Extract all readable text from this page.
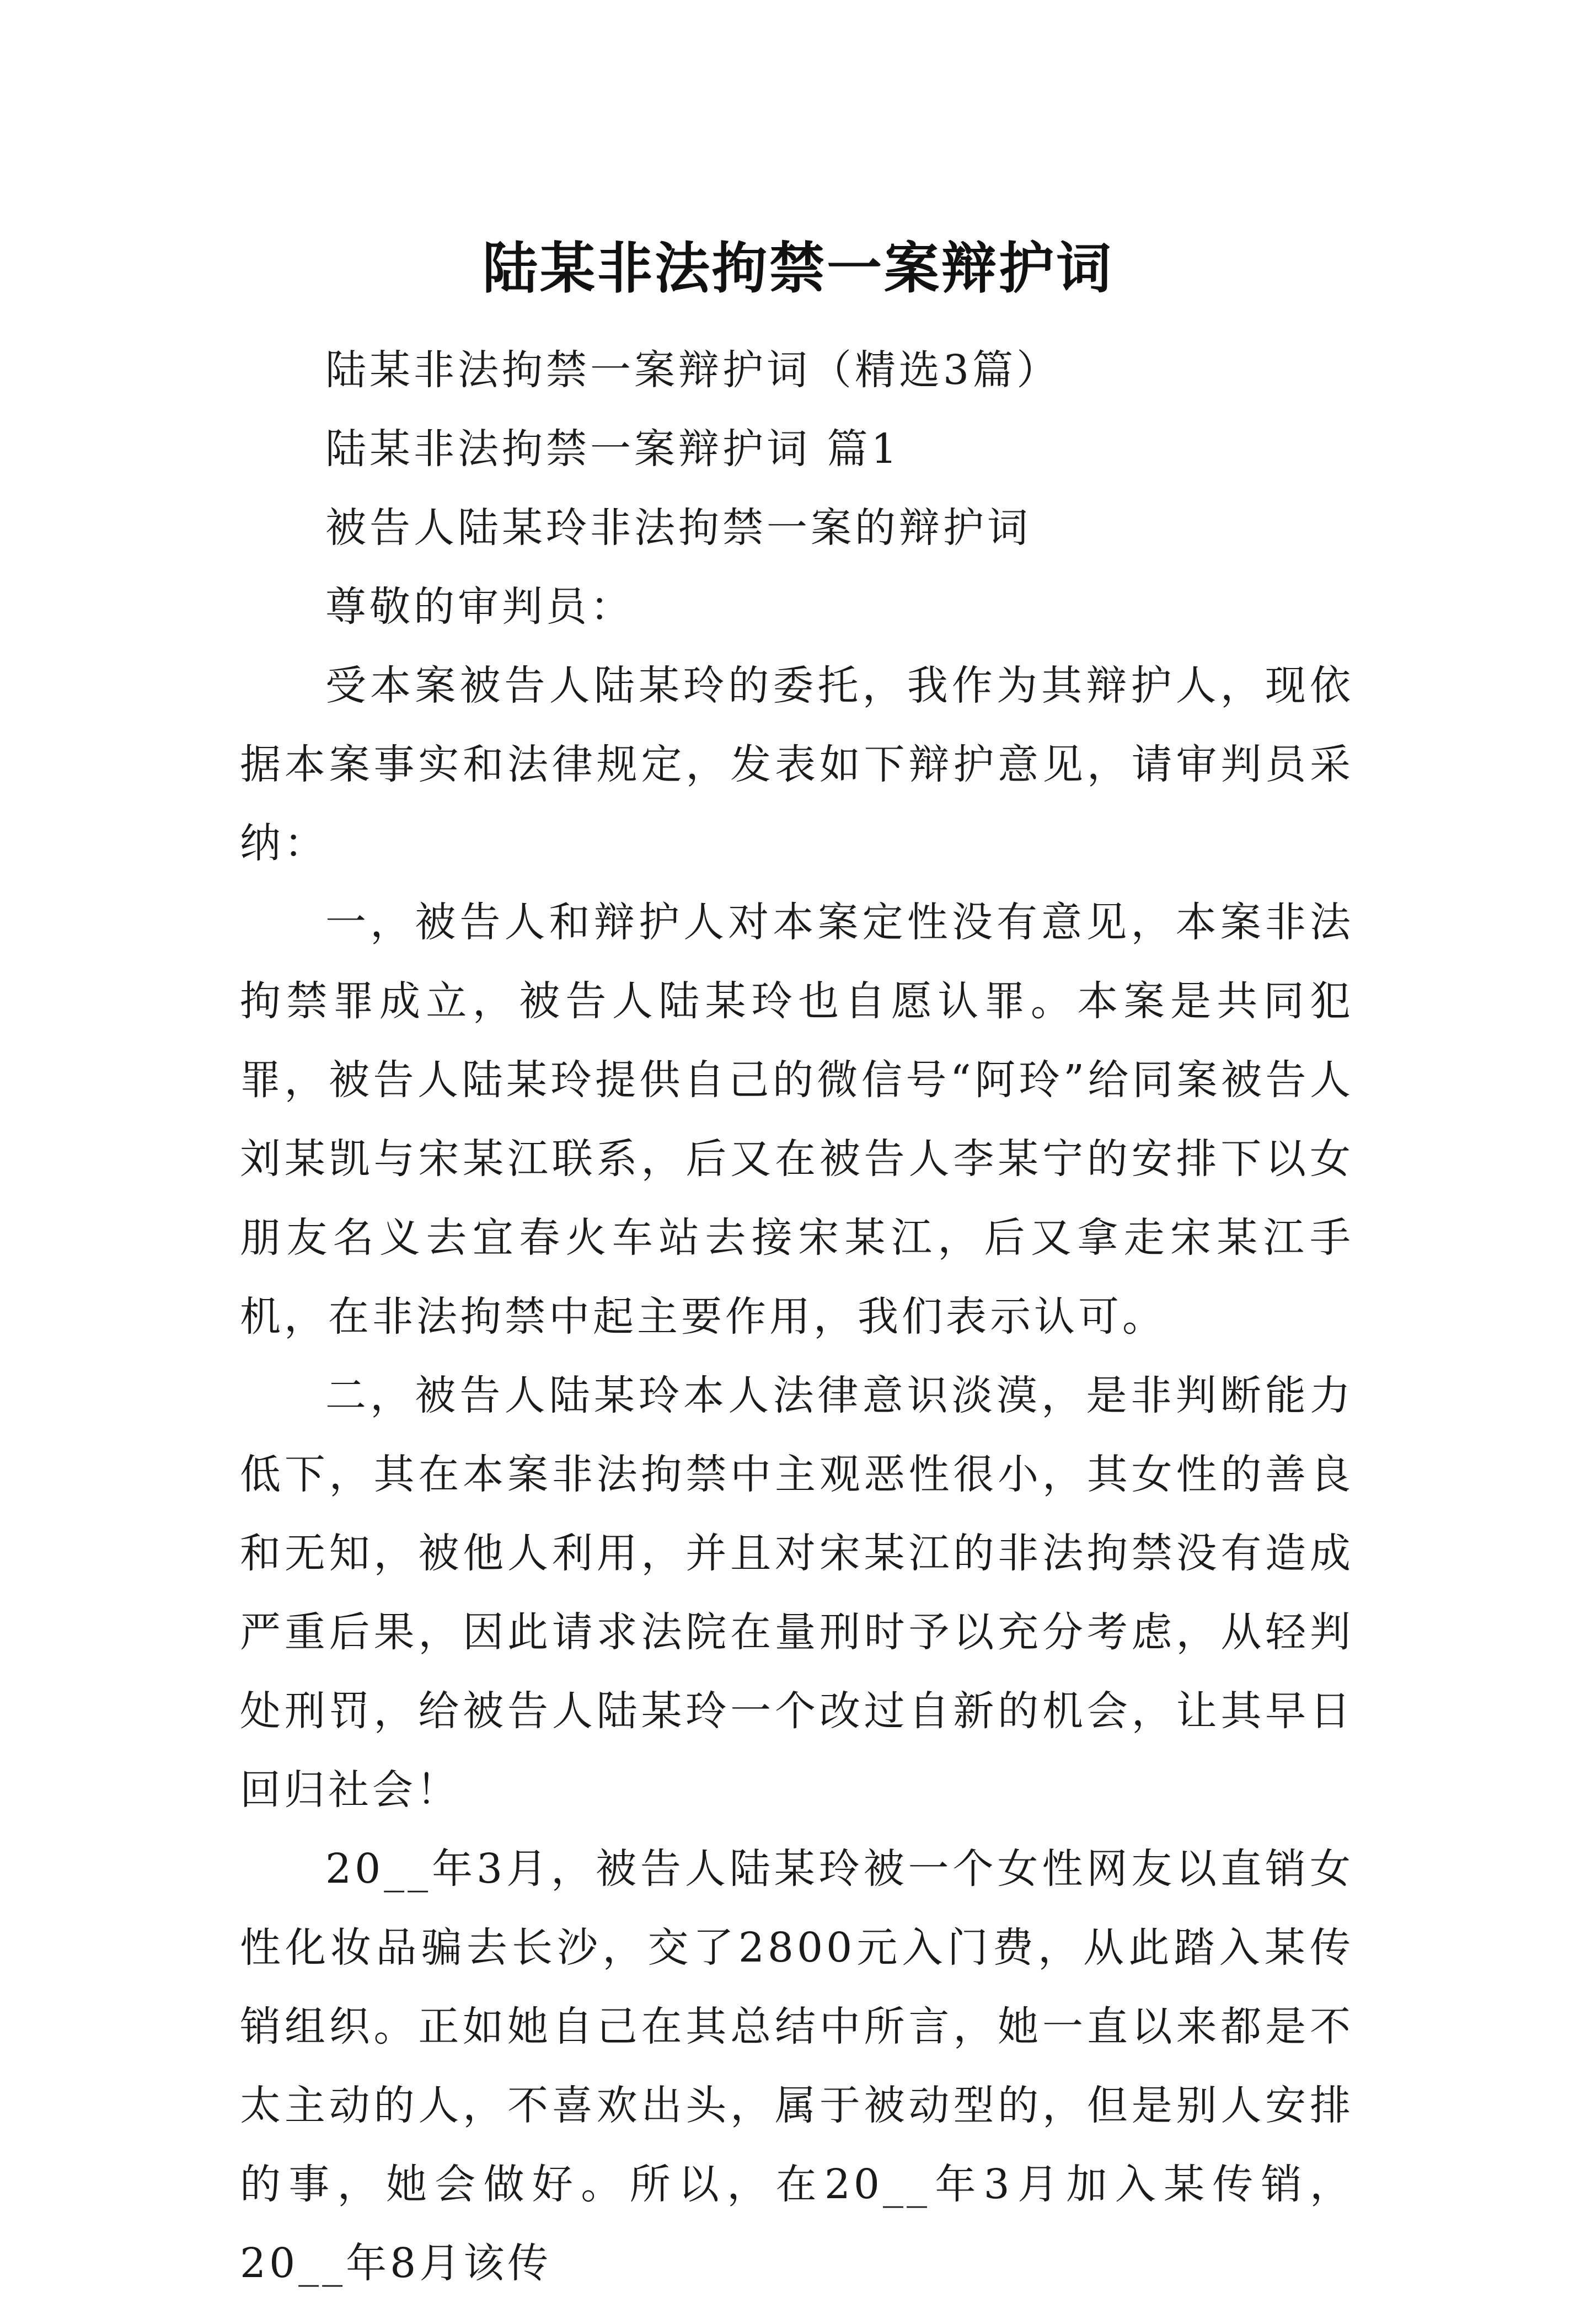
陆某非法拘禁一案辩护词

陆某非法拘禁一案辩护词（精选3篇）

陆某非法拘禁一案辩护词 篇1

被告人陆某玲非法拘禁一案的辩护词

尊敬的审判员：

受本案被告人陆某玲的委托，我作为其辩护人，现依据本案事实和法律规定，发表如下辩护意见，请审判员采纳：

一，被告人和辩护人对本案定性没有意见，本案非法拘禁罪成立，被告人陆某玲也自愿认罪。本案是共同犯罪，被告人陆某玲提供自己的微信号“阿玲”给同案被告人刘某凯与宋某江联系，后又在被告人李某宁的安排下以女朋友名义去宜春火车站去接宋某江，后又拿走宋某江手机，在非法拘禁中起主要作用，我们表示认可。

二，被告人陆某玲本人法律意识淡漠，是非判断能力低下，其在本案非法拘禁中主观恶性很小，其女性的善良和无知，被他人利用，并且对宋某江的非法拘禁没有造成严重后果，因此请求法院在量刑时予以充分考虑，从轻判处刑罚，给被告人陆某玲一个改过自新的机会，让其早日回归社会！

20__年3月，被告人陆某玲被一个女性网友以直销女性化妆品骗去长沙，交了2800元入门费，从此踏入某传销组织。正如她自己在其总结中所言，她一直以来都是不太主动的人，不喜欢出头，属于被动型的，但是别人安排的事，她会做好。所以，在20__年3月加入某传销，20__年8月该传
